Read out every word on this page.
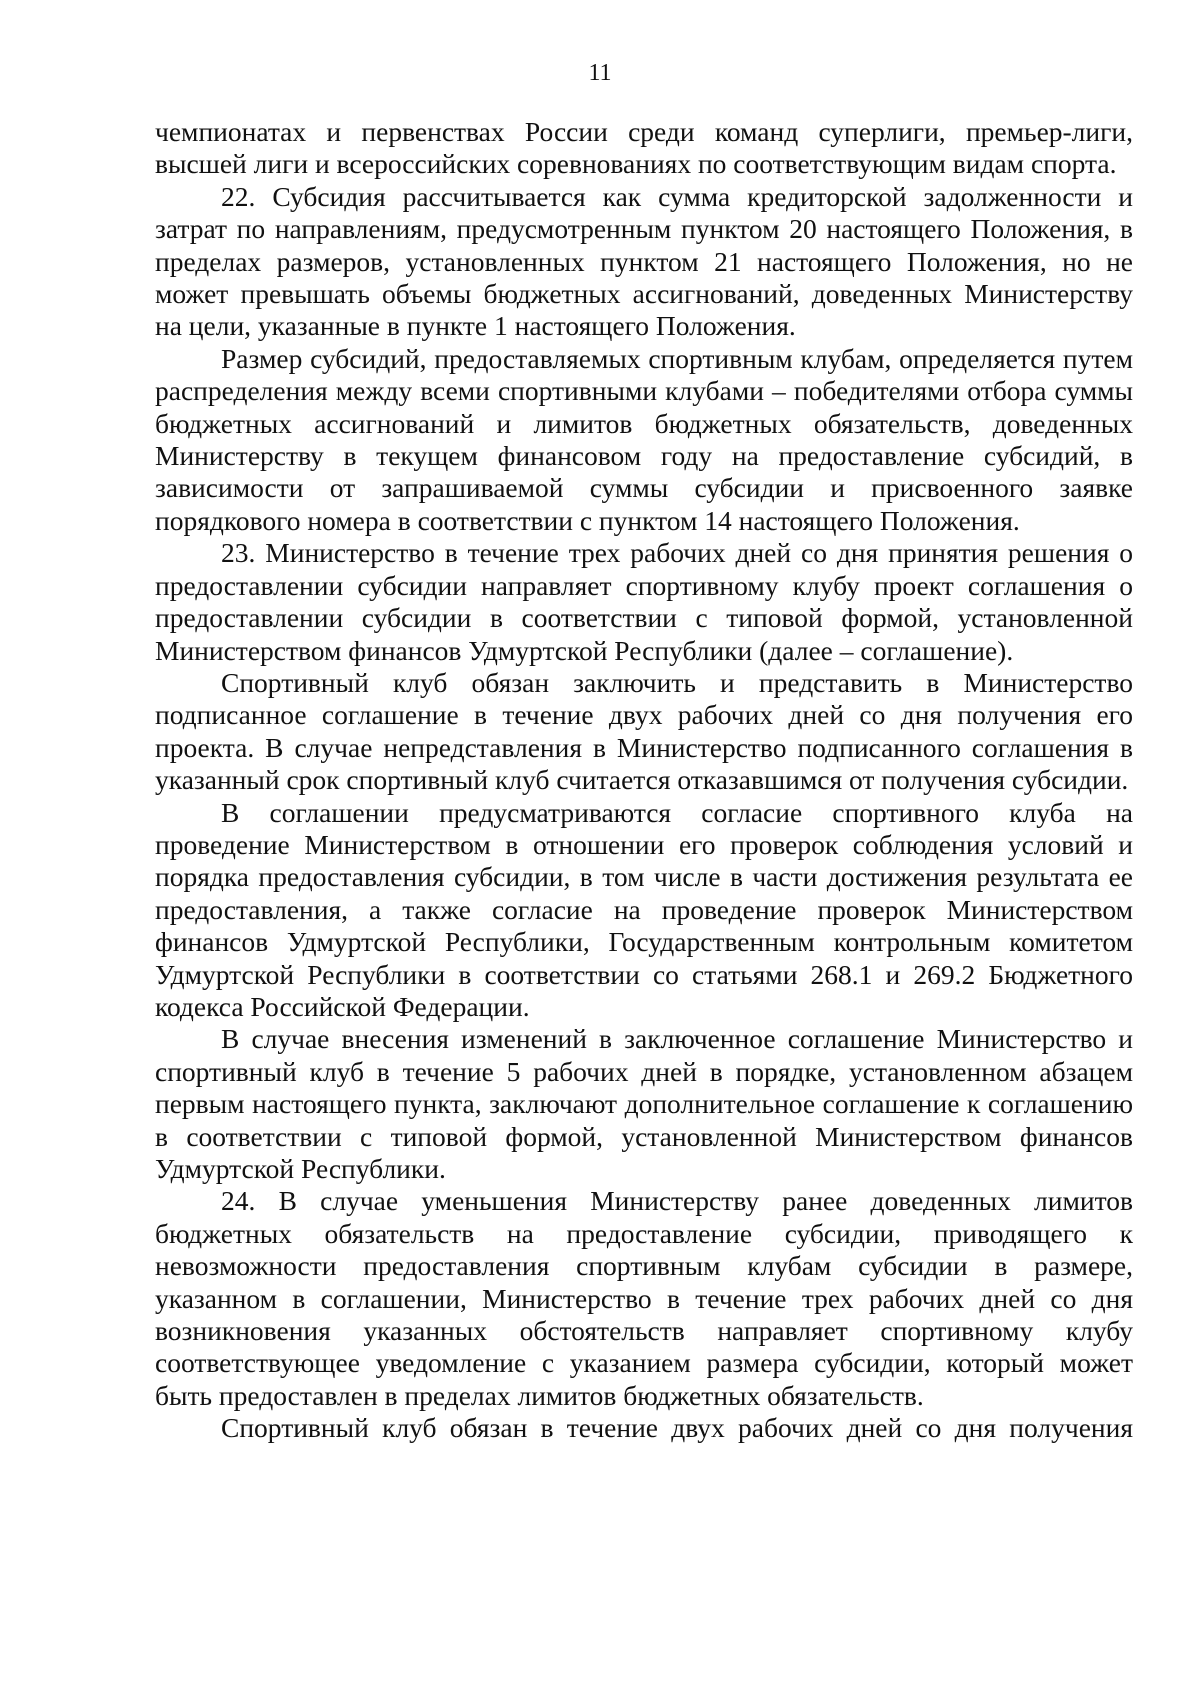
11

чемпионатах и первенствах России среди команд суперлиги, премьер-лиги, высшей лиги и всероссийских соревнованиях по соответствующим видам спорта.

22. Субсидия рассчитывается как сумма кредиторской задолженности и затрат по направлениям, предусмотренным пунктом 20 настоящего Положения, в пределах размеров, установленных пунктом 21 настоящего Положения, но не может превышать объемы бюджетных ассигнований, доведенных Министерству на цели, указанные в пункте 1 настоящего Положения.

Размер субсидий, предоставляемых спортивным клубам, определяется путем распределения между всеми спортивными клубами – победителями отбора суммы бюджетных ассигнований и лимитов бюджетных обязательств, доведенных Министерству в текущем финансовом году на предоставление субсидий, в зависимости от запрашиваемой суммы субсидии и присвоенного заявке порядкового номера в соответствии с пунктом 14 настоящего Положения.

23. Министерство в течение трех рабочих дней со дня принятия решения о предоставлении субсидии направляет спортивному клубу проект соглашения о предоставлении субсидии в соответствии с типовой формой, установленной Министерством финансов Удмуртской Республики (далее – соглашение).

Спортивный клуб обязан заключить и представить в Министерство подписанное соглашение в течение двух рабочих дней со дня получения его проекта. В случае непредставления в Министерство подписанного соглашения в указанный срок спортивный клуб считается отказавшимся от получения субсидии.

В соглашении предусматриваются согласие спортивного клуба на проведение Министерством в отношении его проверок соблюдения условий и порядка предоставления субсидии, в том числе в части достижения результата ее предоставления, а также согласие на проведение проверок Министерством финансов Удмуртской Республики, Государственным контрольным комитетом Удмуртской Республики в соответствии со статьями 268.1 и 269.2 Бюджетного кодекса Российской Федерации.

В случае внесения изменений в заключенное соглашение Министерство и спортивный клуб в течение 5 рабочих дней в порядке, установленном абзацем первым настоящего пункта, заключают дополнительное соглашение к соглашению в соответствии с типовой формой, установленной Министерством финансов Удмуртской Республики.

24. В случае уменьшения Министерству ранее доведенных лимитов бюджетных обязательств на предоставление субсидии, приводящего к невозможности предоставления спортивным клубам субсидии в размере, указанном в соглашении, Министерство в течение трех рабочих дней со дня возникновения указанных обстоятельств направляет спортивному клубу соответствующее уведомление с указанием размера субсидии, который может быть предоставлен в пределах лимитов бюджетных обязательств.

Спортивный клуб обязан в течение двух рабочих дней со дня получения
